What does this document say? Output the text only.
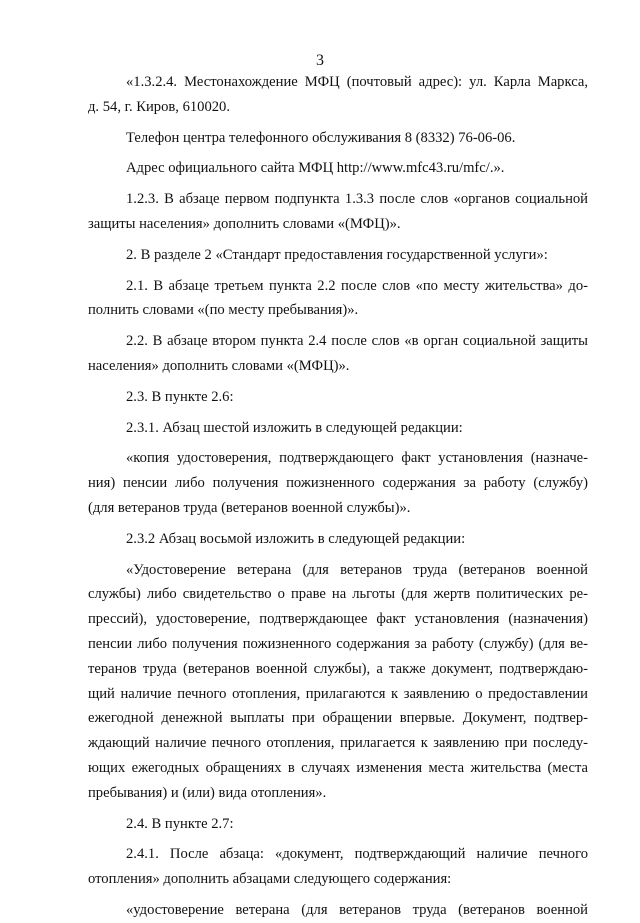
3
«1.3.2.4. Местонахождение МФЦ (почтовый адрес): ул. Карла Маркса,
д. 54, г. Киров, 610020.
Телефон центра телефонного обслуживания 8 (8332) 76-06-06.
Адрес официального сайта МФЦ http://www.mfc43.ru/mfc/.».
1.2.3. В абзаце первом подпункта 1.3.3 после слов «органов социальной
защиты населения» дополнить словами «(МФЦ)».
2. В разделе 2 «Стандарт предоставления государственной услуги»:
2.1. В абзаце третьем пункта 2.2 после слов «по месту жительства» до-
полнить словами «(по месту пребывания)».
2.2. В абзаце втором пункта 2.4 после слов «в орган социальной защиты
населения» дополнить словами «(МФЦ)».
2.3. В пункте 2.6:
2.3.1. Абзац шестой изложить в следующей редакции:
«копия удостоверения, подтверждающего факт установления (назначе-
ния) пенсии либо получения пожизненного содержания за работу (службу)
(для ветеранов труда (ветеранов военной службы)».
2.3.2 Абзац восьмой изложить в следующей редакции:
«Удостоверение ветерана (для ветеранов труда (ветеранов военной
службы) либо свидетельство о праве на льготы (для жертв политических ре-
прессий), удостоверение, подтверждающее факт установления (назначения)
пенсии либо получения пожизненного содержания за работу (службу) (для ве-
теранов труда (ветеранов военной службы), а также документ, подтверждаю-
щий наличие печного отопления, прилагаются к заявлению о предоставлении
ежегодной денежной выплаты при обращении впервые. Документ, подтвер-
ждающий наличие печного отопления, прилагается к заявлению при последу-
ющих ежегодных обращениях в случаях изменения места жительства (места
пребывания) и (или) вида отопления».
2.4. В пункте 2.7:
2.4.1. После абзаца: «документ, подтверждающий наличие печного
отопления» дополнить абзацами следующего содержания:
«удостоверение ветерана (для ветеранов труда (ветеранов военной
